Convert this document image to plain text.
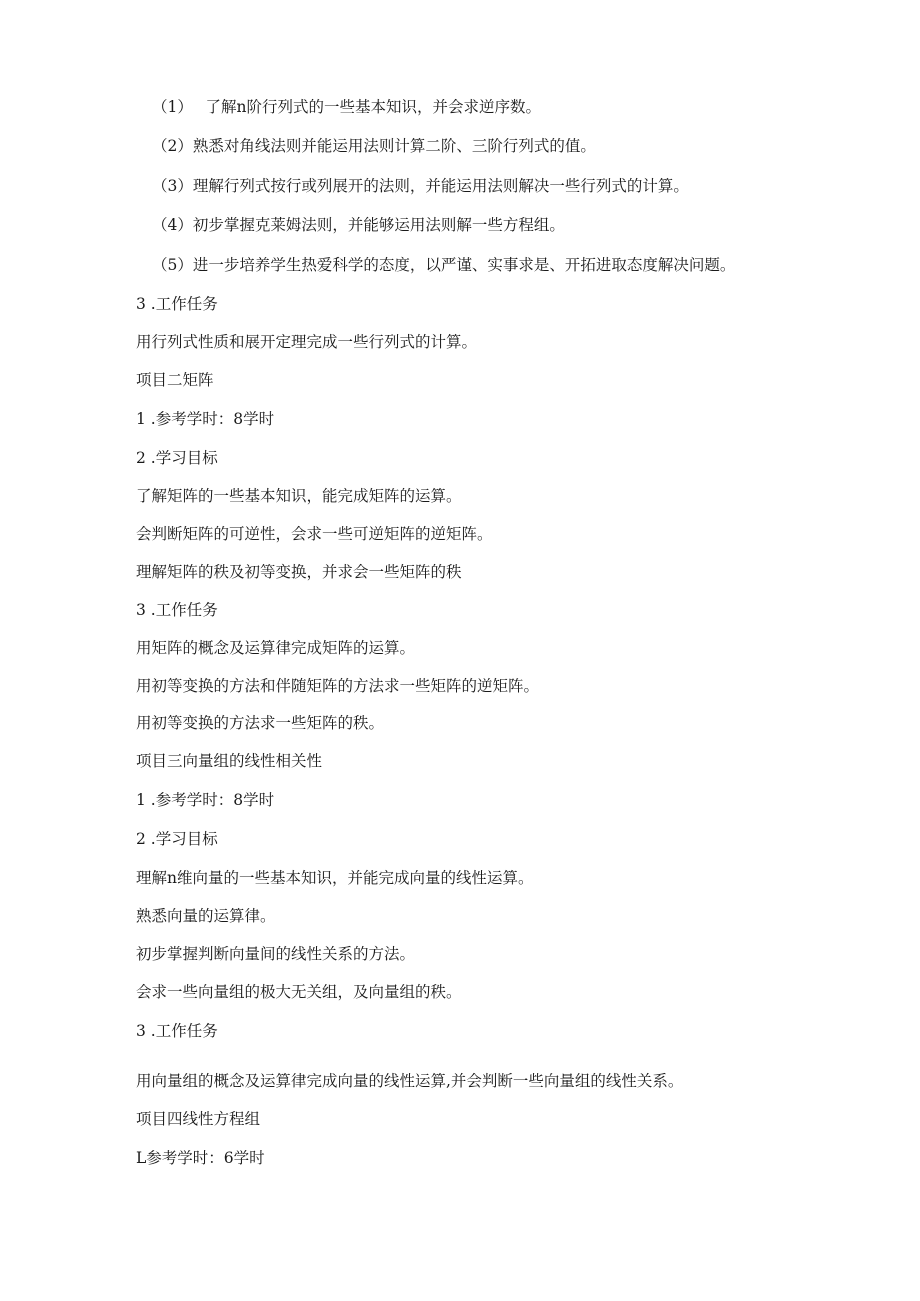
（1）　 了解n阶行列式的一些基本知识，并会求逆序数。
（2）熟悉对角线法则并能运用法则计算二阶、三阶行列式的值。
（3）理解行列式按行或列展开的法则，并能运用法则解决一些行列式的计算。
（4）初步掌握克莱姆法则，并能够运用法则解一些方程组。
（5）进一步培养学生热爱科学的态度，以严谨、实事求是、开拓进取态度解决问题。
3 .工作任务
用行列式性质和展开定理完成一些行列式的计算。
项目二矩阵
1 .参考学时：8学时
2 .学习目标
了解矩阵的一些基本知识，能完成矩阵的运算。
会判断矩阵的可逆性，会求一些可逆矩阵的逆矩阵。
理解矩阵的秩及初等变换，并求会一些矩阵的秩
3 .工作任务
用矩阵的概念及运算律完成矩阵的运算。
用初等变换的方法和伴随矩阵的方法求一些矩阵的逆矩阵。
用初等变换的方法求一些矩阵的秩。
项目三向量组的线性相关性
1 .参考学时：8学时
2 .学习目标
理解n维向量的一些基本知识，并能完成向量的线性运算。
熟悉向量的运算律。
初步掌握判断向量间的线性关系的方法。
会求一些向量组的极大无关组，及向量组的秩。
3 .工作任务
用向量组的概念及运算律完成向量的线性运算,并会判断一些向量组的线性关系。
项目四线性方程组
L参考学时：6学时
